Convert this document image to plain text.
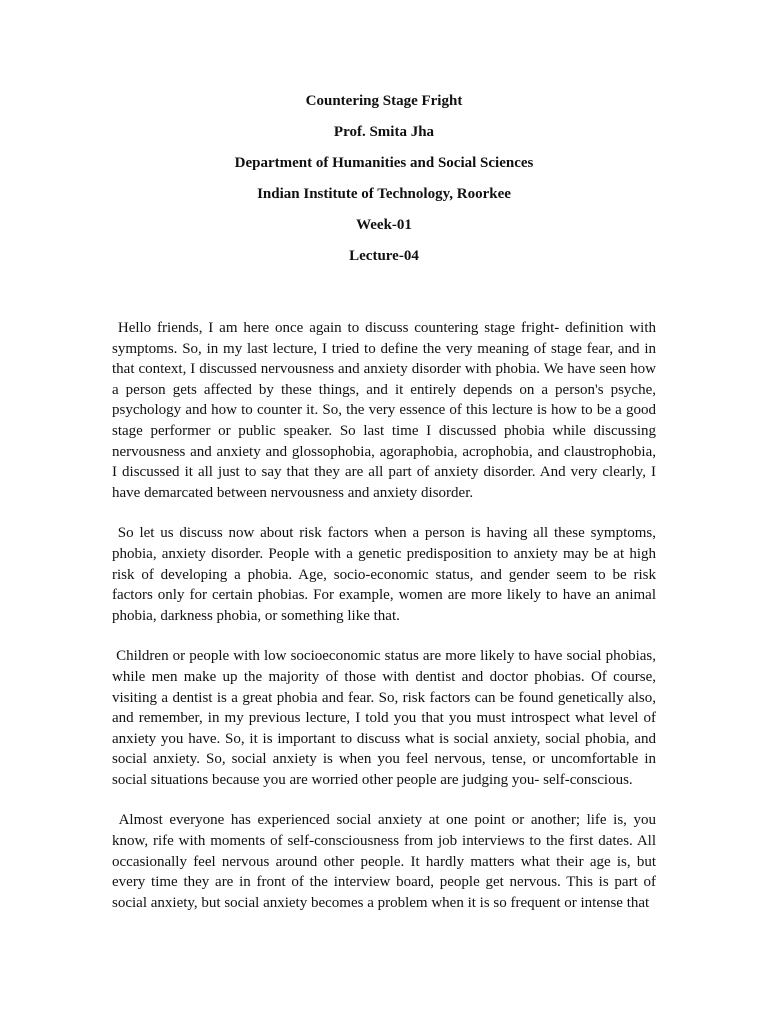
Countering Stage Fright
Prof. Smita Jha
Department of Humanities and Social Sciences
Indian Institute of Technology, Roorkee
Week-01
Lecture-04

Hello friends, I am here once again to discuss countering stage fright- definition with symptoms. So, in my last lecture, I tried to define the very meaning of stage fear, and in that context, I discussed nervousness and anxiety disorder with phobia. We have seen how a person gets affected by these things, and it entirely depends on a person's psyche, psychology and how to counter it. So, the very essence of this lecture is how to be a good stage performer or public speaker. So last time I discussed phobia while discussing nervousness and anxiety and glossophobia, agoraphobia, acrophobia, and claustrophobia, I discussed it all just to say that they are all part of anxiety disorder. And very clearly, I have demarcated between nervousness and anxiety disorder.

So let us discuss now about risk factors when a person is having all these symptoms, phobia, anxiety disorder. People with a genetic predisposition to anxiety may be at high risk of developing a phobia. Age, socio-economic status, and gender seem to be risk factors only for certain phobias. For example, women are more likely to have an animal phobia, darkness phobia, or something like that.

Children or people with low socioeconomic status are more likely to have social phobias, while men make up the majority of those with dentist and doctor phobias. Of course, visiting a dentist is a great phobia and fear. So, risk factors can be found genetically also, and remember, in my previous lecture, I told you that you must introspect what level of anxiety you have. So, it is important to discuss what is social anxiety, social phobia, and social anxiety. So, social anxiety is when you feel nervous, tense, or uncomfortable in social situations because you are worried other people are judging you- self-conscious.

Almost everyone has experienced social anxiety at one point or another; life is, you know, rife with moments of self-consciousness from job interviews to the first dates. All occasionally feel nervous around other people. It hardly matters what their age is, but every time they are in front of the interview board, people get nervous. This is part of social anxiety, but social anxiety becomes a problem when it is so frequent or intense that
